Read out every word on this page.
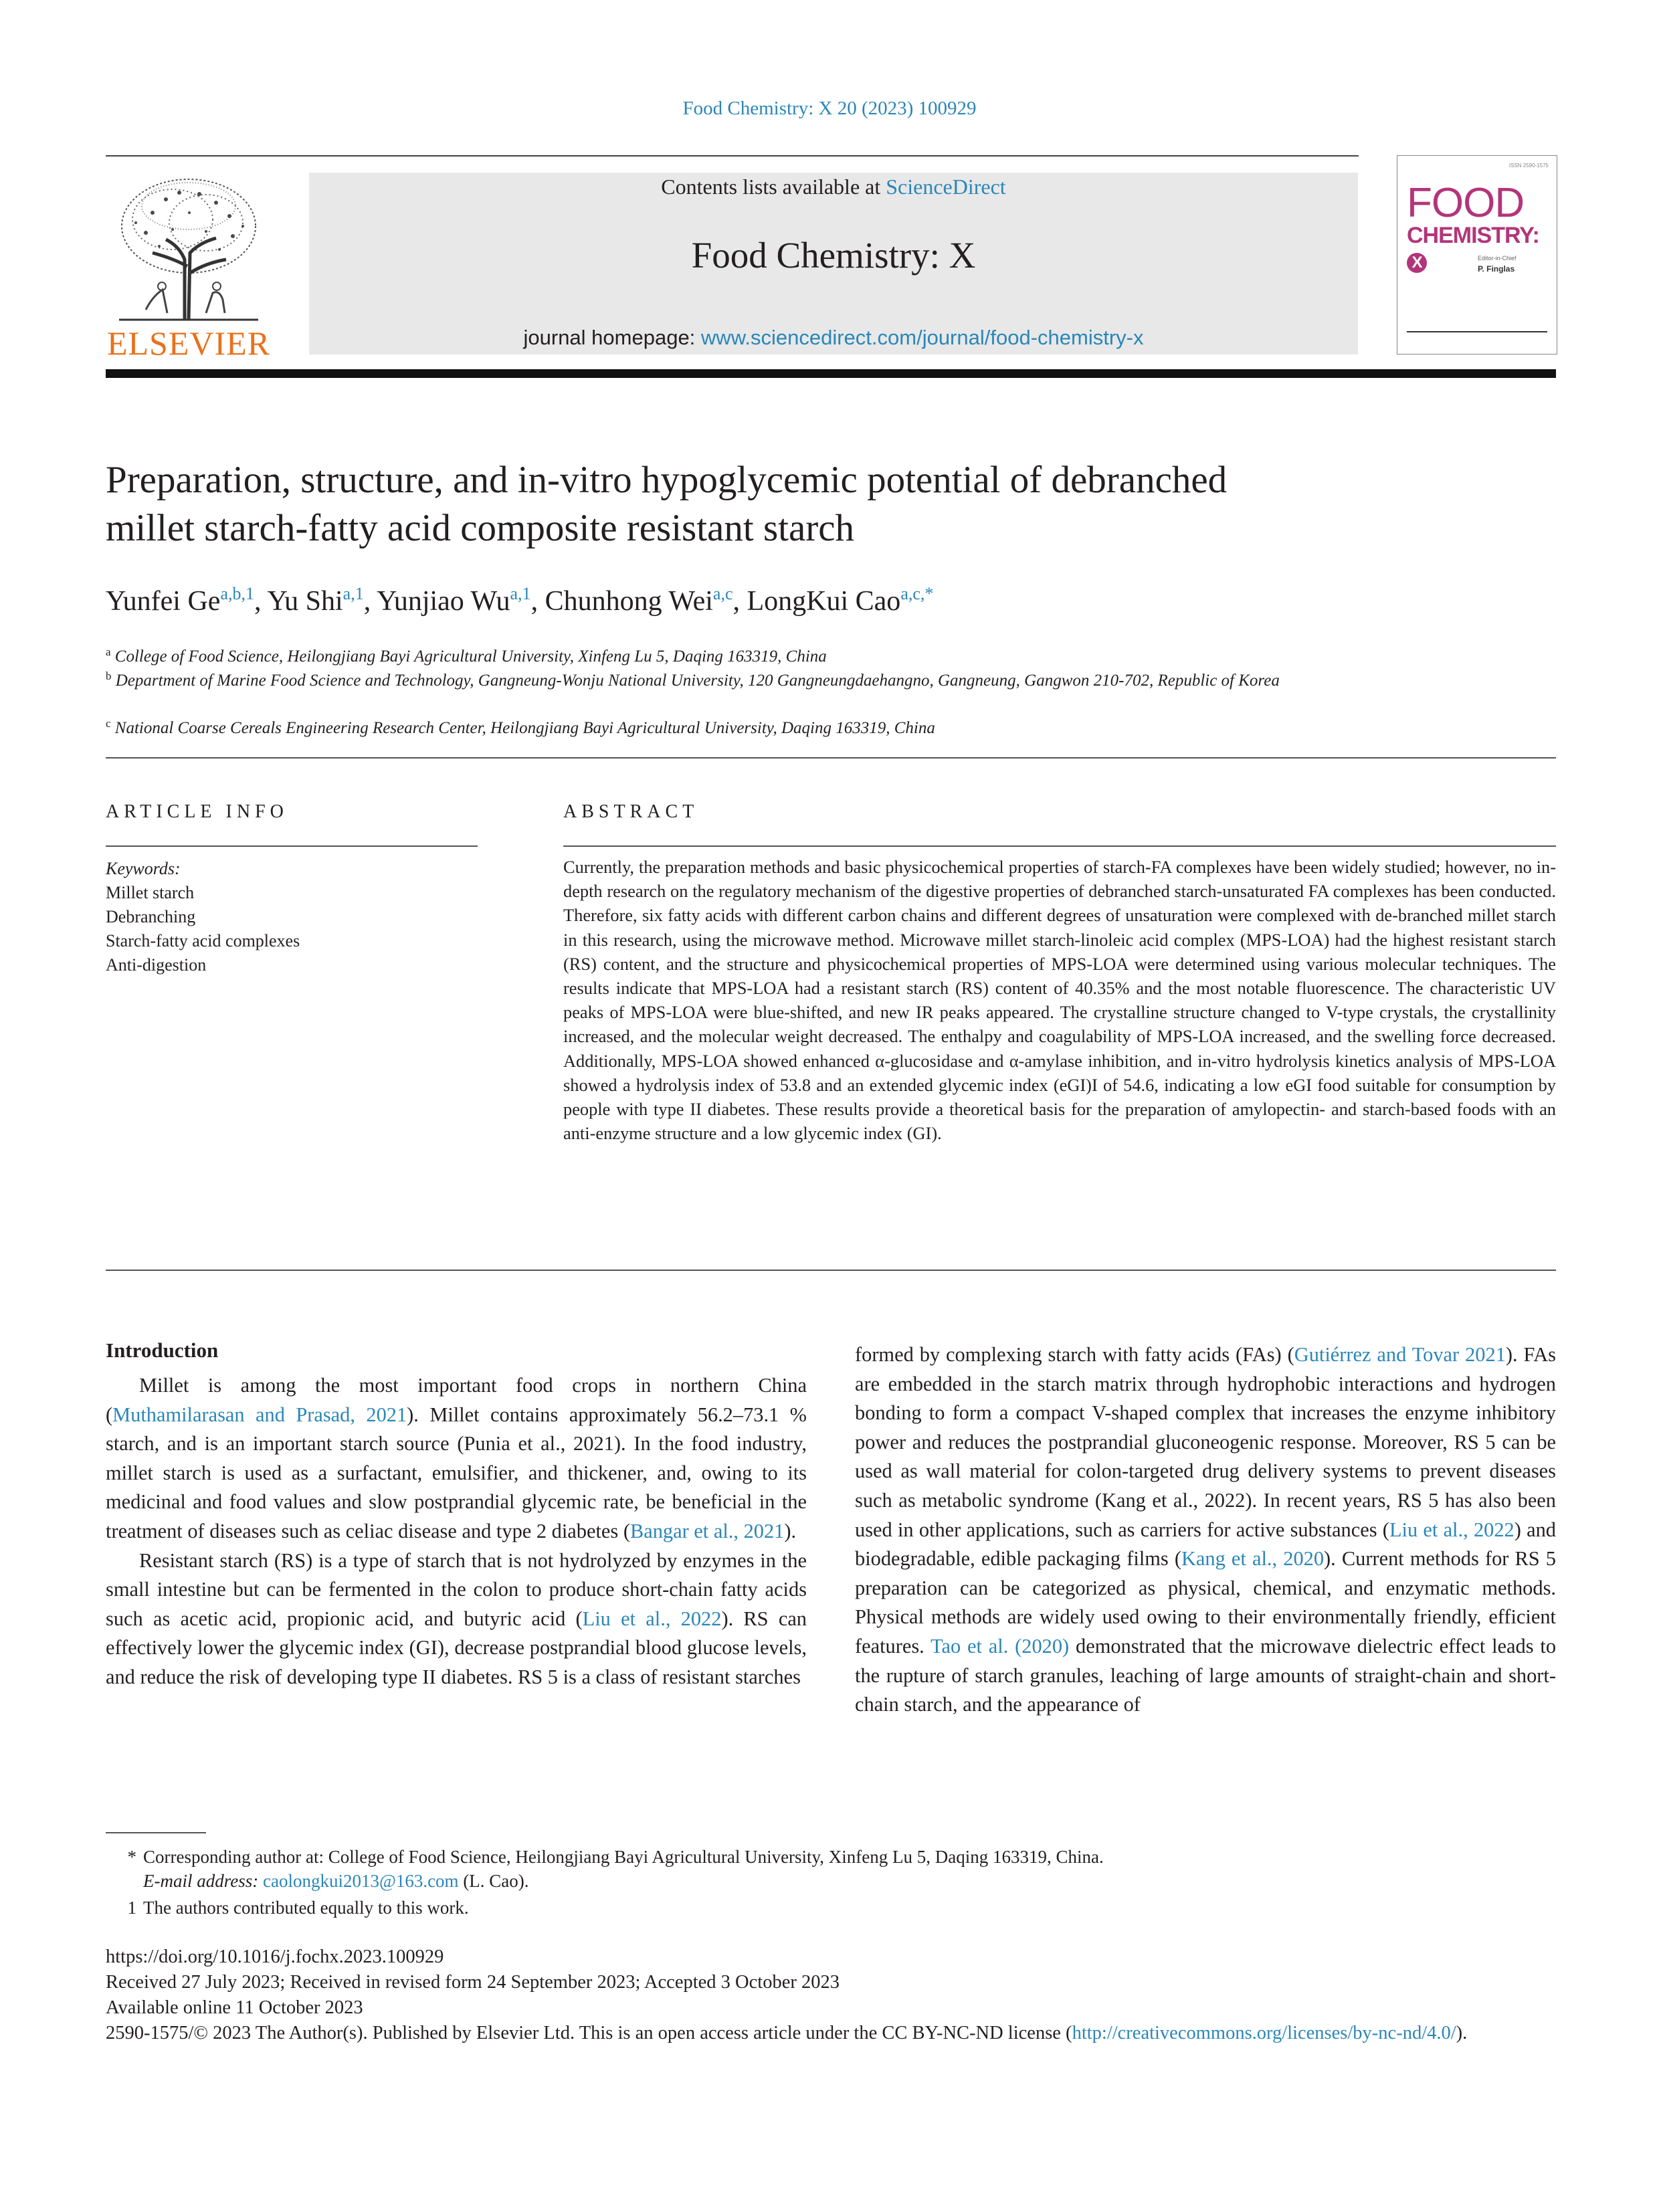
Food Chemistry: X 20 (2023) 100929
ELSEVIER
Contents lists available at ScienceDirect
Food Chemistry: X
journal homepage: www.sciencedirect.com/journal/food-chemistry-x
ISSN 2590-1575
FOOD
CHEMISTRY: X	Editor-in-Chief
P. Finglas
Preparation, structure, and in-vitro hypoglycemic potential of debranched
millet starch-fatty acid composite resistant starch
Yunfei Ge$^{a,b,1}$, Yu Shi$^{a,1}$, Yunjiao Wu$^{a,1}$, Chunhong Wei$^{a,c}$, LongKui Cao$^{a,c,*}$
$^a$ College of Food Science, Heilongjiang Bayi Agricultural University, Xinfeng Lu 5, Daqing 163319, China
$^b$ Department of Marine Food Science and Technology, Gangneung-Wonju National University, 120 Gangneungdaehangno, Gangneung, Gangwon 210-702, Republic of Korea
$^c$ National Coarse Cereals Engineering Research Center, Heilongjiang Bayi Agricultural University, Daqing 163319, China
ARTICLE INFO
Keywords:
Millet starch
Debranching
Starch-fatty acid complexes
Anti-digestion
ABSTRACT
Currently, the preparation methods and basic physicochemical properties of starch-FA complexes have been widely studied; however, no in-depth research on the regulatory mechanism of the digestive properties of debranched starch-unsaturated FA complexes has been conducted. Therefore, six fatty acids with different carbon chains and different degrees of unsaturation were complexed with de-branched millet starch in this research, using the microwave method. Microwave millet starch-linoleic acid complex (MPS-LOA) had the highest resistant starch (RS) content, and the structure and physicochemical properties of MPS-LOA were determined using various molecular techniques. The results indicate that MPS-LOA had a resistant starch (RS) content of 40.35% and the most notable fluorescence. The characteristic UV peaks of MPS-LOA were blue-shifted, and new IR peaks appeared. The crystalline structure changed to V-type crystals, the crystallinity increased, and the molecular weight decreased. The enthalpy and coagulability of MPS-LOA increased, and the swelling force decreased. Additionally, MPS-LOA showed enhanced α-glucosidase and α-amylase inhibition, and in-vitro hydrolysis kinetics analysis of MPS-LOA showed a hydrolysis index of 53.8 and an extended glycemic index (eGI)I of 54.6, indicating a low eGI food suitable for consumption by people with type II diabetes. These results provide a theoretical basis for the preparation of amylopectin- and starch-based foods with an anti-enzyme structure and a low glycemic index (GI).
Introduction

Millet is among the most important food crops in northern China (Muthamilarasan and Prasad, 2021). Millet contains approximately 56.2–73.1 % starch, and is an important starch source (Punia et al., 2021). In the food industry, millet starch is used as a surfactant, emulsifier, and thickener, and, owing to its medicinal and food values and slow postprandial glycemic rate, be beneficial in the treatment of diseases such as celiac disease and type 2 diabetes (Bangar et al., 2021).

Resistant starch (RS) is a type of starch that is not hydrolyzed by enzymes in the small intestine but can be fermented in the colon to produce short-chain fatty acids such as acetic acid, propionic acid, and butyric acid (Liu et al., 2022). RS can effectively lower the glycemic index (GI), decrease postprandial blood glucose levels, and reduce the risk of developing type II diabetes. RS 5 is a class of resistant starches

formed by complexing starch with fatty acids (FAs) (Gutiérrez and Tovar 2021). FAs are embedded in the starch matrix through hydrophobic interactions and hydrogen bonding to form a compact V-shaped complex that increases the enzyme inhibitory power and reduces the postprandial gluconeogenic response. Moreover, RS 5 can be used as wall material for colon-targeted drug delivery systems to prevent diseases such as metabolic syndrome (Kang et al., 2022). In recent years, RS 5 has also been used in other applications, such as carriers for active substances (Liu et al., 2022) and biodegradable, edible packaging films (Kang et al., 2020). Current methods for RS 5 preparation can be categorized as physical, chemical, and enzymatic methods. Physical methods are widely used owing to their environmentally friendly, efficient features. Tao et al. (2020) demonstrated that the microwave dielectric effect leads to the rupture of starch granules, leaching of large amounts of straight-chain and short-chain starch, and the appearance of

* Corresponding author at: College of Food Science, Heilongjiang Bayi Agricultural University, Xinfeng Lu 5, Daqing 163319, China.
E-mail address: caolongkui2013@163.com (L. Cao).
1 The authors contributed equally to this work.
https://doi.org/10.1016/j.fochx.2023.100929
Received 27 July 2023; Received in revised form 24 September 2023; Accepted 3 October 2023
Available online 11 October 2023
2590-1575/© 2023 The Author(s). Published by Elsevier Ltd. This is an open access article under the CC BY-NC-ND license (http://creativecommons.org/licenses/by-nc-nd/4.0/).
